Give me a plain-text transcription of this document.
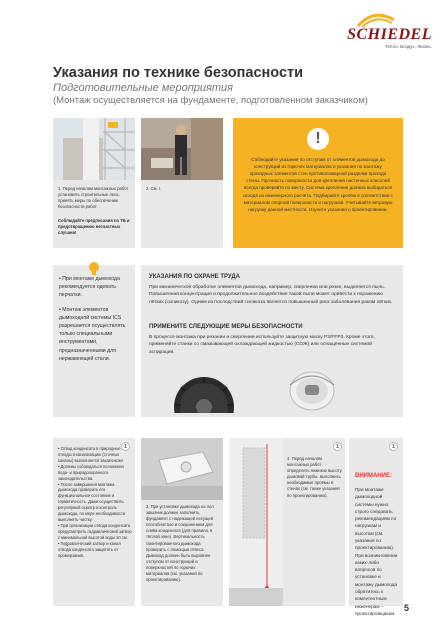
SCHIEDEL
Тепло. Воздух. Жизнь.
Указания по технике безопасности
Подготовительные мероприятия
(Монтаж осуществляется на фундаменте, подготовленном заказчиком)
1. Перед началом монтажных работ установить строительные леса. принять меры по обеспечению безопасности работ.
Соблюдайте предписания по ТБ и предотвращению несчастных случаев!
2. См. I.
!
Соблюдайте указания по отступам от элементов дымохода до конструкций из горючих материалов и указания по монтажу проходных элементов стен противопожарной разделки прохода стены. Прочность поверхности для крепления настенных консолей всегда проверяйте по месту. Система крепления должна выбираться исходя из инженерного расчёта. Подбирайте крепёж в соответствии с материалом опорной поверхности и нагрузкой. Учитывайте ветровую нагрузку данной местности. Изучите указания о проектировании.
• При монтаже дымохода рекомендуется одевать перчатки.
• Монтаж элементов дымоходной системы ICS разрешается осуществлять только специальными инструментами, предназначенными для нержавеющей стали.
УКАЗАНИЯ ПО ОХРАНЕ ТРУДА
При механической обработке элементов дымохода, например, сверлении или резке, выделяется пыль. Повышенная концентрация и продолжительное воздействие такой пыли может привести к поражению лёгких (силикозу). Одним из последствий силикоза является повышенный риск заболевания раком лёгких.
ПРИМЕНИТЕ СЛЕДУЮЩИЕ МЕРЫ БЕЗОПАСНОСТИ
В процессе монтажа при резании и сверлении используйте защитную маску P3/FFP3. Кроме этого, применяйте станки со смазывающей охлаждающей жидкостью (СОЖ) или оснащённые системой аспирации.
1
• Отвод конденсата в природные отходы в канализацию (сточные каналы) выполняется заказчиком!
• Должны соблюдаться положения водо- и природоохранного законодательства.
• После завершения монтажа дымохода проверить его функциональное состояние и герметичность. Даже осуществить регулярный осмотр и контроль дымохода, по мере необходимости выполнять чистку.
• При организации отвода конденсата предусмотреть гидравлический затвор с минимальной высотой воды 10 см.
• Гидравлический затвор и канал отвода конденсата защитить от промерзания.
3. При установке дымохода на пол заказчик должен заполнить фундамент с надежащей несущей способностью и соединением для слива конденсата (для правила, в тёплой зоне). Вертикальность смонтированного дымохода проверить с помощью отвеса. Дымоход должен быть выровнен отступом от конструкций и поверхностей по горючих материалов (см. указания по проектированию).
4. Перед началом монтажных работ определить нижнюю высоту дымовой трубы. выполнить необходимые проёмы в стенах (см. также указания по проектированию).
1	1
ВНИМАНИЕ:
При монтаже дымоходной системы нужно строго следовать рекомендациям по нагрузкам и высотам (см. указания по проектированию). При возникновении каких-либо вопросов по установке и монтажу дымохода обратитесь к компетентным инженерам – проектировщикам.
5
